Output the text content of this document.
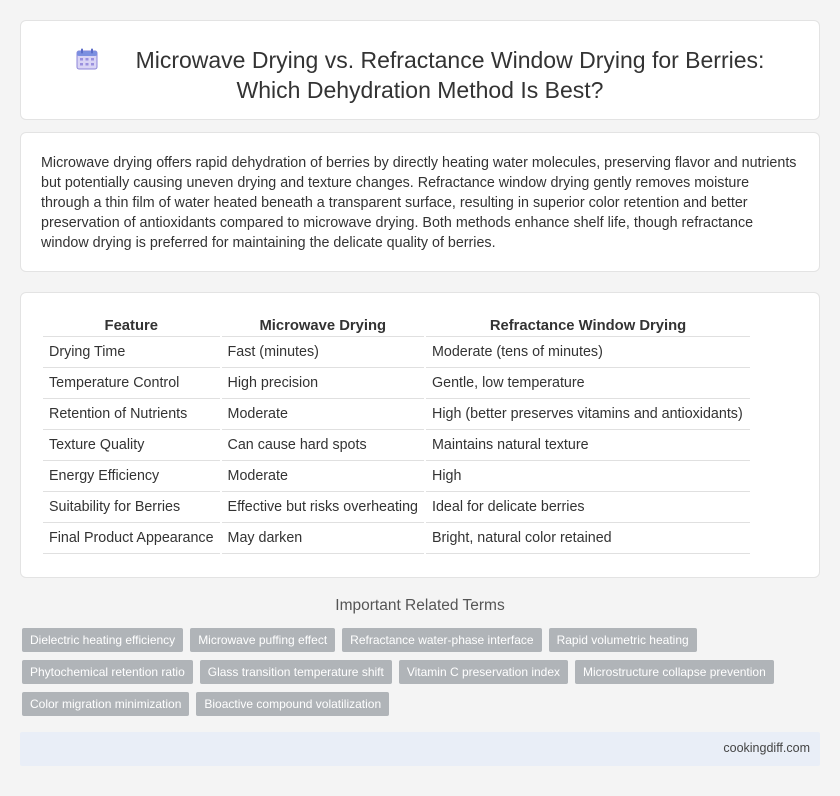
Microwave Drying vs. Refractance Window Drying for Berries:
Which Dehydration Method Is Best?

Microwave drying offers rapid dehydration of berries by directly heating water molecules, preserving flavor and nutrients but potentially causing uneven drying and texture changes. Refractance window drying gently removes moisture through a thin film of water heated beneath a transparent surface, resulting in superior color retention and better preservation of antioxidants compared to microwave drying. Both methods enhance shelf life, though refractance window drying is preferred for maintaining the delicate quality of berries.

Feature	Microwave Drying	Refractance Window Drying
Drying Time	Fast (minutes)	Moderate (tens of minutes)
Temperature Control	High precision	Gentle, low temperature
Retention of Nutrients	Moderate	High (better preserves vitamins and antioxidants)
Texture Quality	Can cause hard spots	Maintains natural texture
Energy Efficiency	Moderate	High
Suitability for Berries	Effective but risks overheating	Ideal for delicate berries
Final Product Appearance	May darken	Bright, natural color retained
Important Related Terms
Dielectric heating efficiency	Microwave puffing effect	Refractance water-phase interface	Rapid volumetric heating
Phytochemical retention ratio	Glass transition temperature shift	Vitamin C preservation index	Microstructure collapse prevention
Color migration minimization	Bioactive compound volatilization
cookingdiff.com
